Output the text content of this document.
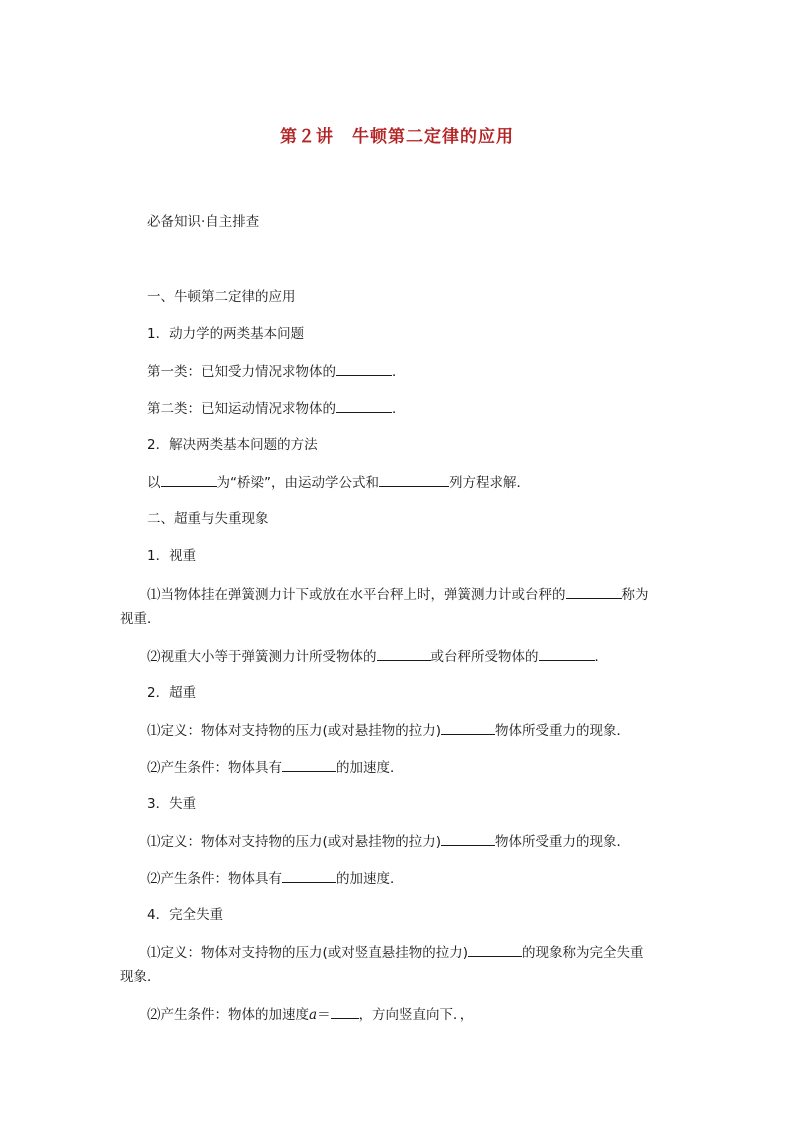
第２讲　牛顿第二定律的应用
必备知识·自主排查
一、牛顿第二定律的应用
1．动力学的两类基本问题
第一类：已知受力情况求物体的	．
第二类：已知运动情况求物体的	．
2．解决两类基本问题的方法
以	为“桥梁”，由运动学公式和	列方程求解．
二、超重与失重现象
1．视重
⑴当物体挂在弹簧测力计下或放在水平台秤上时，弹簧测力计或台秤的	称为
视重．
⑵视重大小等于弹簧测力计所受物体的	或台秤所受物体的	．
2．超重
⑴定义：物体对支持物的压力(或对悬挂物的拉力)	物体所受重力的现象．
⑵产生条件：物体具有	的加速度．
3．失重
⑴定义：物体对支持物的压力(或对悬挂物的拉力)	物体所受重力的现象．
⑵产生条件：物体具有	的加速度．
4．完全失重
⑴定义：物体对支持物的压力(或对竖直悬挂物的拉力)	的现象称为完全失重
现象．
⑵产生条件：物体的加速度a＝ ，方向竖直向下．，
